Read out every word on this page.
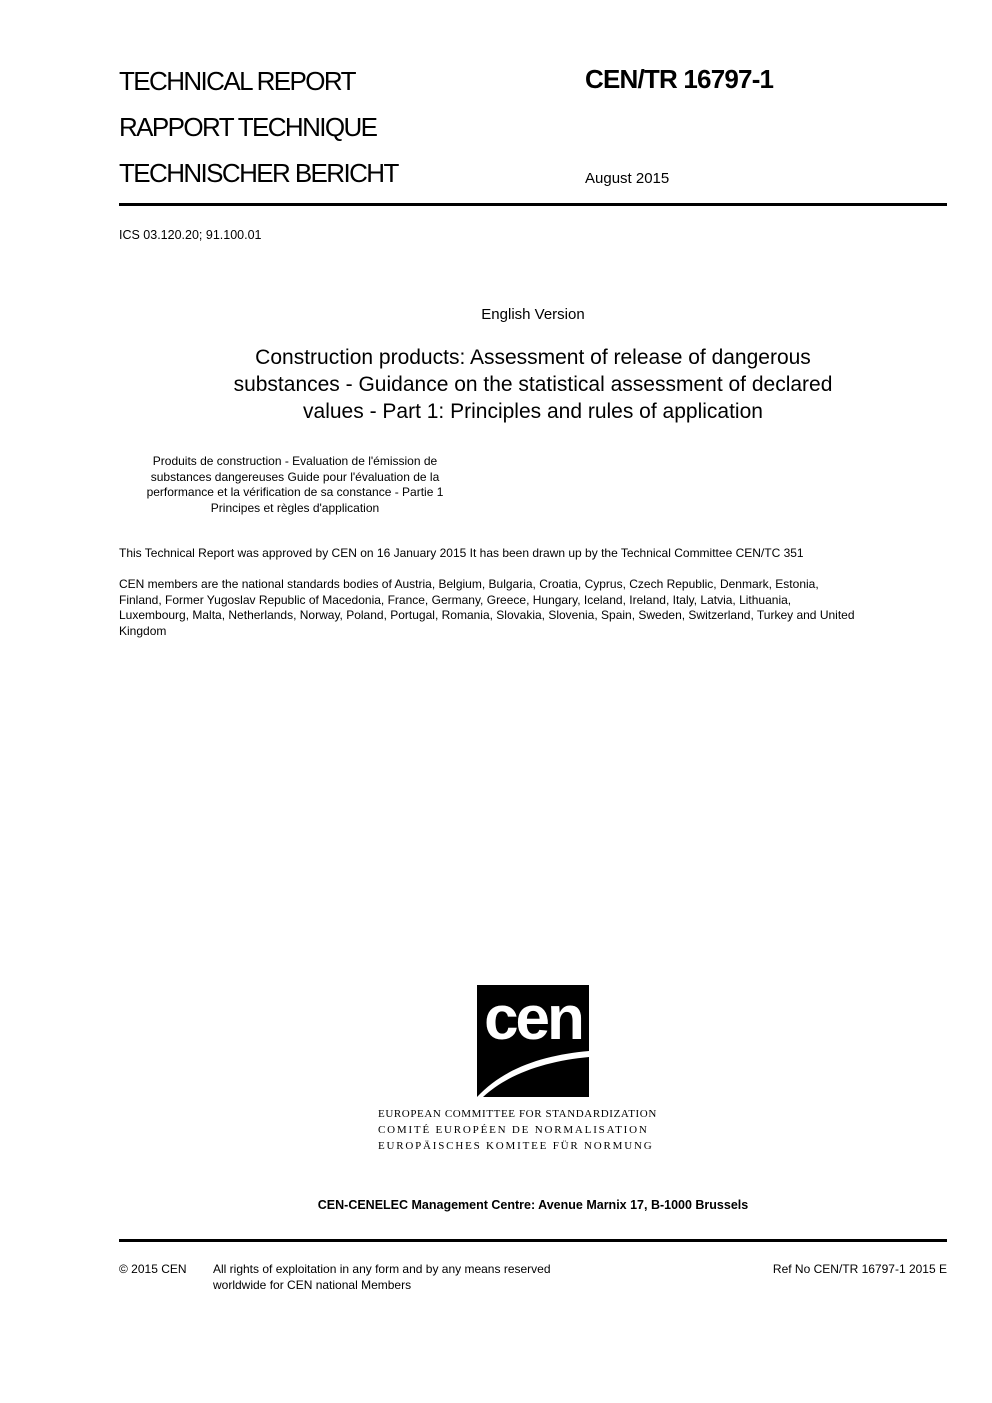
TECHNICAL REPORT
RAPPORT TECHNIQUE
TECHNISCHER BERICHT
CEN/TR 16797-1
August 2015
ICS 03.120.20; 91.100.01
English Version
Construction products: Assessment of release of dangerous
substances - Guidance on the statistical assessment of declared
values - Part 1: Principles and rules of application
Produits de construction - Evaluation de l'émission de
substances dangereuses Guide pour l'évaluation de la
performance et la vérification de sa constance - Partie 1
Principes et règles d'application
This Technical Report was approved by CEN on 16 January 2015 It has been drawn up by the Technical Committee CEN/TC 351
CEN members are the national standards bodies of Austria, Belgium, Bulgaria, Croatia, Cyprus, Czech Republic, Denmark, Estonia,
Finland, Former Yugoslav Republic of Macedonia, France, Germany, Greece, Hungary, Iceland, Ireland, Italy, Latvia, Lithuania,
Luxembourg, Malta, Netherlands, Norway, Poland, Portugal, Romania, Slovakia, Slovenia, Spain, Sweden, Switzerland, Turkey and United
Kingdom
cen
EUROPEAN COMMITTEE FOR STANDARDIZATION
COMITÉ EUROPÉEN DE NORMALISATION
EUROPÄISCHES KOMITEE FÜR NORMUNG
CEN-CENELEC Management Centre: Avenue Marnix 17, B-1000 Brussels
© 2015 CEN All rights of exploitation in any form and by any means reserved
worldwide for CEN national Members
Ref No CEN/TR 16797-1 2015 E
